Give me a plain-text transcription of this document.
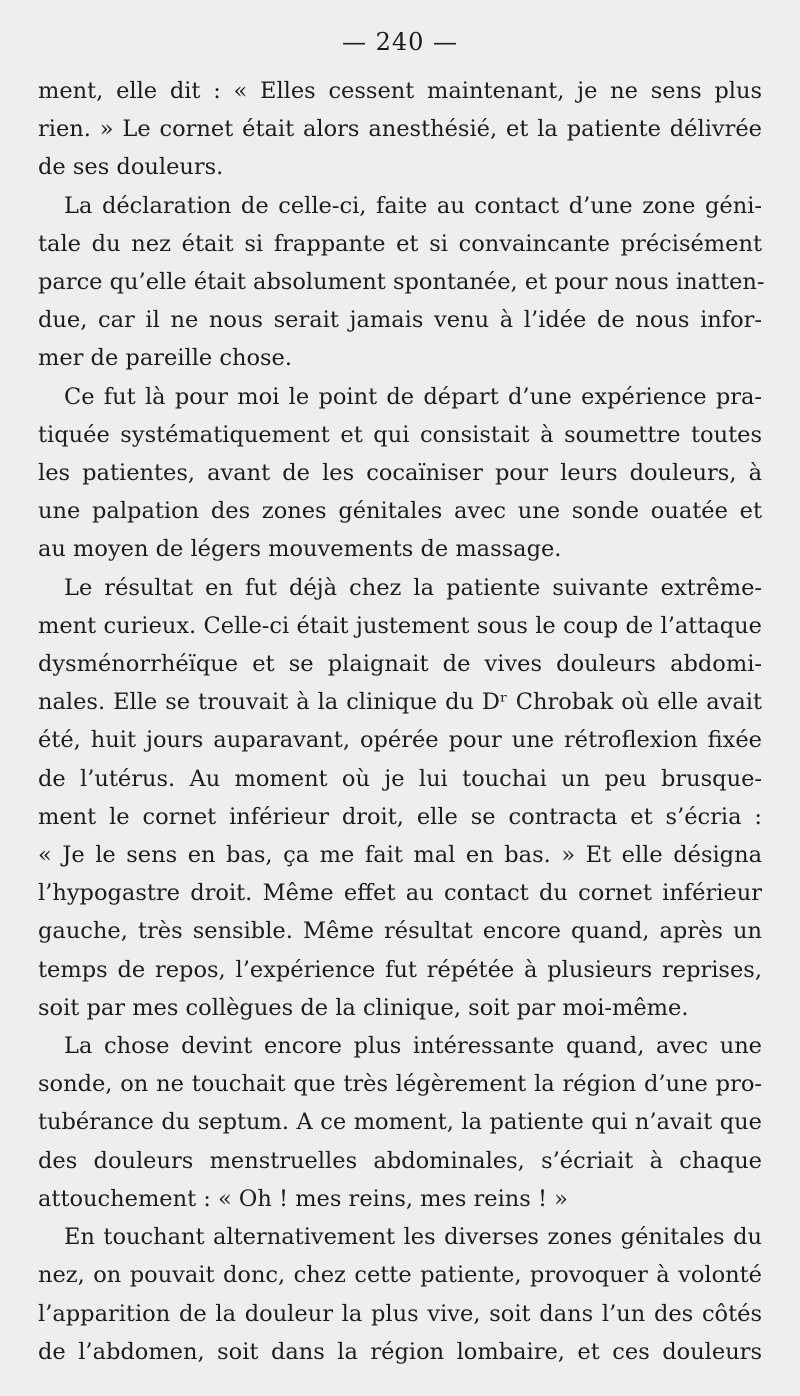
— 240 —
ment, elle dit : « Elles cessent maintenant, je ne sens plus
rien. » Le cornet était alors anesthésié, et la patiente délivrée
de ses douleurs.
La déclaration de celle-ci, faite au contact d’une zone géni-
tale du nez était si frappante et si convaincante précisément
parce qu’elle était absolument spontanée, et pour nous inatten-
due, car il ne nous serait jamais venu à l’idée de nous infor-
mer de pareille chose.
Ce fut là pour moi le point de départ d’une expérience pra-
tiquée systématiquement et qui consistait à soumettre toutes
les patientes, avant de les cocaïniser pour leurs douleurs, à
une palpation des zones génitales avec une sonde ouatée et
au moyen de légers mouvements de massage.
Le résultat en fut déjà chez la patiente suivante extrême-
ment curieux. Celle-ci était justement sous le coup de l’attaque
dysménorrhéïque et se plaignait de vives douleurs abdomi-
nales. Elle se trouvait à la clinique du Dʳ Chrobak où elle avait
été, huit jours auparavant, opérée pour une rétroflexion fixée
de l’utérus. Au moment où je lui touchai un peu brusque-
ment le cornet inférieur droit, elle se contracta et s’écria :
« Je le sens en bas, ça me fait mal en bas. » Et elle désigna
l’hypogastre droit. Même effet au contact du cornet inférieur
gauche, très sensible. Même résultat encore quand, après un
temps de repos, l’expérience fut répétée à plusieurs reprises,
soit par mes collègues de la clinique, soit par moi-même.
La chose devint encore plus intéressante quand, avec une
sonde, on ne touchait que très légèrement la région d’une pro-
tubérance du septum. A ce moment, la patiente qui n’avait que
des douleurs menstruelles abdominales, s’écriait à chaque
attouchement : « Oh ! mes reins, mes reins ! »
En touchant alternativement les diverses zones génitales du
nez, on pouvait donc, chez cette patiente, provoquer à volonté
l’apparition de la douleur la plus vive, soit dans l’un des côtés
de l’abdomen, soit dans la région lombaire, et ces douleurs
